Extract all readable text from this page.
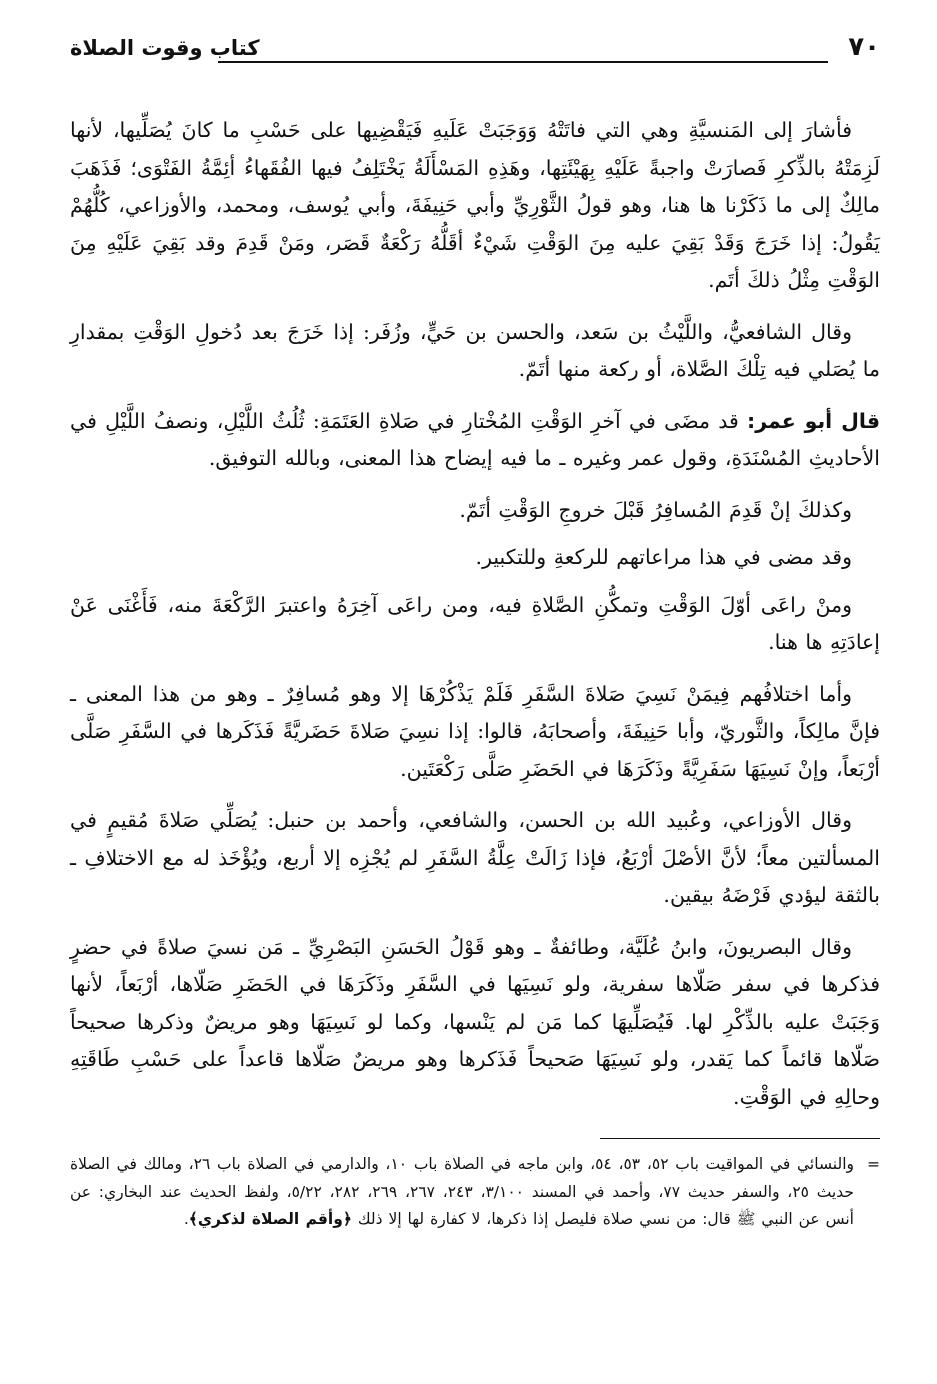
٧٠
كتاب وقوت الصلاة

فأشارَ إلى المَنسيَّةِ وهي التي فاتَتْهُ وَوَجَبَتْ عَلَيهِ فَيَقْضِيها على حَسْبِ ما كانَ يُصَلِّيها، لأنها لَزِمَتْهُ بالذِّكرِ فَصارَتْ واجبةً عَلَيْهِ بِهَيْئَتِها، وهَذِهِ المَسْأَلَةُ يَخْتَلِفُ فيها الفُقَهاءُ أئِمَّةُ الفَتْوَى؛ فَذَهَبَ مالِكٌ إلى ما ذَكَرْنا ها هنا، وهو قولُ الثَّوْرِيِّ وأبي حَنِيفَةَ، وأبي يُوسف، ومحمد، والأوزاعي، كُلُّهُمْ يَقُولُ: إذا خَرَجَ وَقَدْ بَقِيَ عليه مِنَ الوَقْتِ شَيْءٌ أقَلُّهُ رَكْعَةٌ قَصَر، ومَنْ قَدِمَ وقد بَقِيَ عَلَيْهِ مِنَ الوَقْتِ مِثْلُ ذلكَ أتَم.

وقال الشافعيُّ، واللَّيْثُ بن سَعد، والحسن بن حَيٍّ، وزُفَر: إذا خَرَجَ بعد دُخولِ الوَقْتِ بمقدارِ ما يُصَلي فيه تِلْكَ الصَّلاة، أو ركعة منها أتَمّ.

قال أبو عمر: قد مضَى في آخرِ الوَقْتِ المُخْتارِ في صَلاةِ العَتَمَةِ: ثُلُثُ اللَّيْلِ، ونصفُ اللَّيْلِ في الأحاديثِ المُسْنَدَةِ، وقول عمر وغيره ـ ما فيه إيضاح هذا المعنى، وبالله التوفيق.

وكذلكَ إنْ قَدِمَ المُسافِرُ قَبْلَ خروجِ الوَقْتِ أتَمّ.

وقد مضى في هذا مراعاتهم للركعةِ وللتكبير.

ومنْ راعَى أوّلَ الوَقْتِ وتمكُّنِ الصَّلاةِ فيه، ومن راعَى آخِرَهُ واعتبرَ الرَّكْعَةَ منه، فَأَغْنَى عَنْ إعادَتِهِ ها هنا.

وأما اختلافُهم فِيمَنْ نَسِيَ صَلاةَ السَّفَرِ فَلَمْ يَذْكُرْهَا إلا وهو مُسافِرٌ ـ وهو من هذا المعنى ـ فإنَّ مالِكاً، والثَّوريّ، وأبا حَنِيفَةَ، وأصحابَهُ، قالوا: إذا نسِيَ صَلاةَ حَضَريَّةً فَذَكَرها في السَّفَرِ صَلَّى أرْبَعاً، وإنْ نَسِيَهَا سَفَرِيَّةً وذَكَرَهَا في الحَضَرِ صَلَّى رَكْعَتَين.

وقال الأوزاعي، وعُبيد الله بن الحسن، والشافعي، وأحمد بن حنبل: يُصَلِّي صَلاةَ مُقيمٍ في المسألتين معاً؛ لأنَّ الأصْلَ أرْبَعُ، فإذا زَالَتْ عِلَّةُ السَّفَرِ لم يُجْزِه إلا أربع، ويُؤْخَذ له مع الاختلافِ ـ بالثقة ليؤدي فَرْضَهُ بيقين.

وقال البصريونَ، وابنُ عُلَيَّة، وطائفةٌ ـ وهو قَوْلُ الحَسَنِ البَصْرِيِّ ـ مَن نسيَ صلاةً في حضرٍ فذكرها في سفر صَلّاها سفرية، ولو نَسِيَها في السَّفَرِ وذَكَرَهَا في الحَضَرِ صَلّاها، أرْبَعاً، لأنها وَجَبَتْ عليه بالذِّكْرِ لها. فَيُصَلِّيهَا كما مَن لم يَنْسها، وكما لو نَسِيَهَا وهو مريضٌ وذكرها صحيحاً صَلّاها قائماً كما يَقدر، ولو نَسِيَهَا صَحيحاً فَذَكرها وهو مريضٌ صَلّاها قاعداً على حَسْبِ طَاقَتِهِ وحالِهِ في الوَقْتِ.

=
والنسائي في المواقيت باب ٥٢، ٥٣، ٥٤، وابن ماجه في الصلاة باب ١٠، والدارمي في الصلاة باب ٢٦، ومالك في الصلاة حديث ٢٥، والسفر حديث ٧٧، وأحمد في المسند ٣/١٠٠، ٢٤٣، ٢٦٧، ٢٦٩، ٢٨٢، ٥/٢٢، ولفظ الحديث عند البخاري: عن أنس عن النبي ﷺ قال: من نسي صلاة فليصل إذا ذكرها، لا كفارة لها إلا ذلك ﴿وأقم الصلاة لذكري﴾.
